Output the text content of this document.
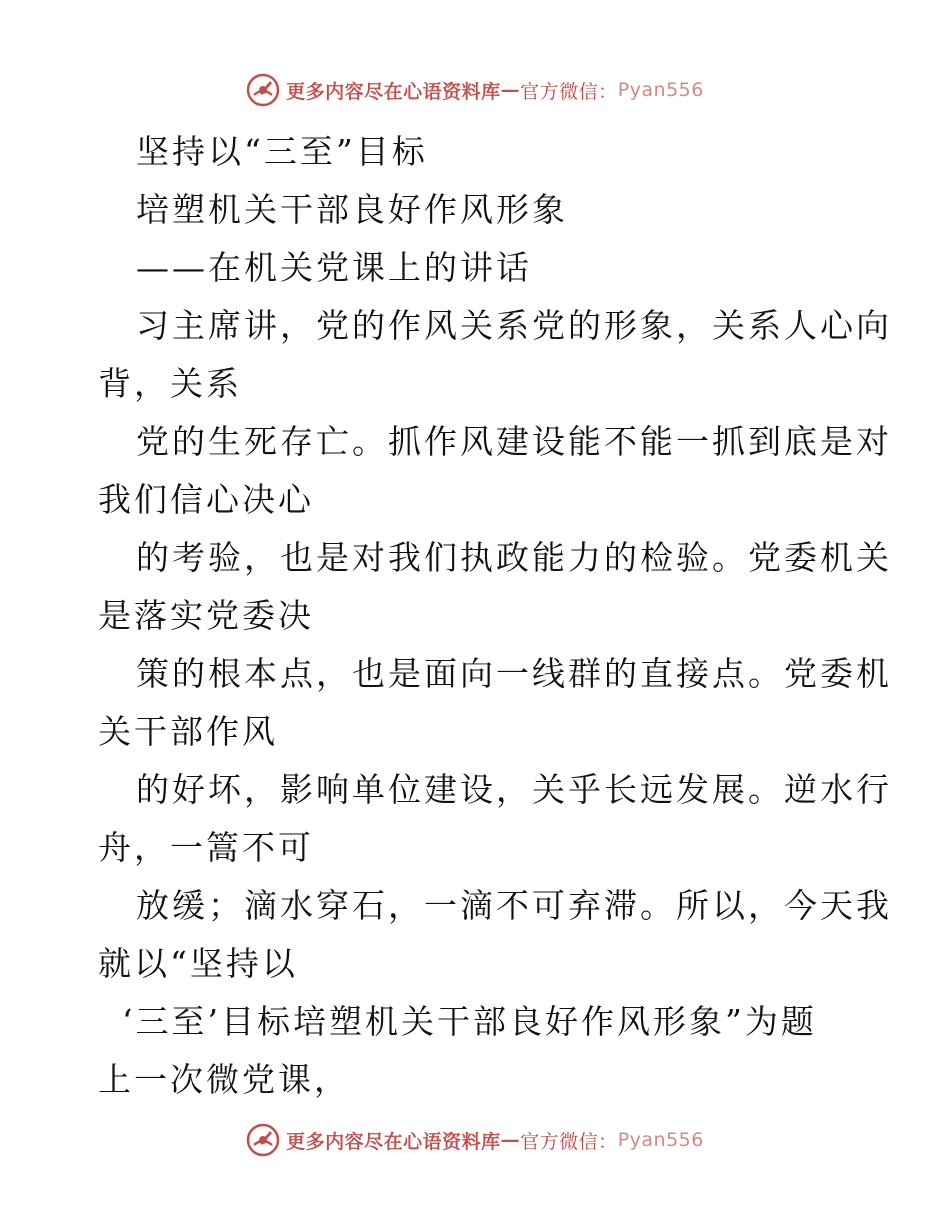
更多内容尽在心语资料库 — 官方微信： Pyan556
坚持以“三至”目标
培塑机关干部良好作风形象
——在机关党课上的讲话
习主席讲，党的作风关系党的形象，关系人心向
背，关系
党的生死存亡。抓作风建设能不能一抓到底是对
我们信心决心
的考验，也是对我们执政能力的检验。党委机关
是落实党委决
策的根本点，也是面向一线群的直接点。党委机
关干部作风
的好坏，影响单位建设，关乎长远发展。逆水行
舟，一篙不可
放缓；滴水穿石，一滴不可弃滞。所以，今天我
就以“坚持以
‘三至’目标培塑机关干部良好作风形象”为题
上一次微党课，
更多内容尽在心语资料库 — 官方微信： Pyan556
